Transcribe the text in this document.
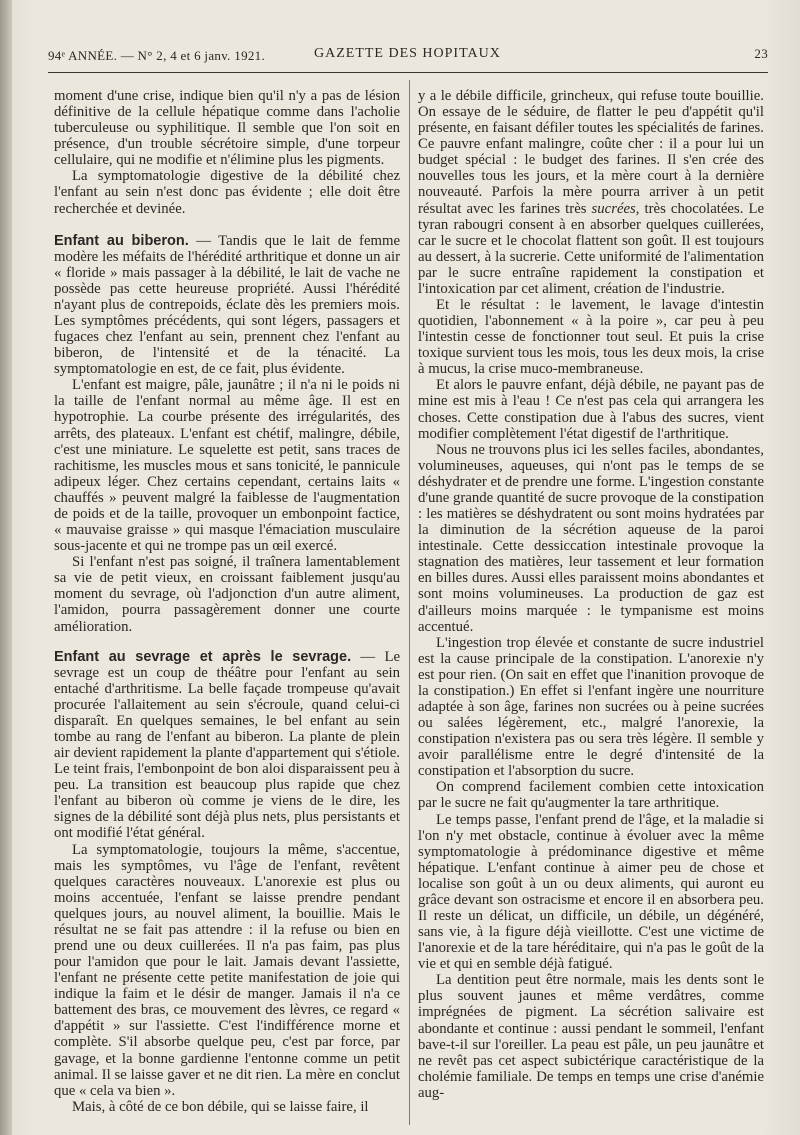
94ᵉ ANNÉE. — N° 2, 4 et 6 janv. 1921.	GAZETTE DES HOPITAUX	23

moment d'une crise, indique bien qu'il n'y a pas de lésion définitive de la cellule hépatique comme dans l'acholie tuberculeuse ou syphilitique. Il semble que l'on soit en présence, d'un trouble sécrétoire simple, d'une torpeur cellulaire, qui ne modifie et n'élimine plus les pigments.

La symptomatologie digestive de la débilité chez l'enfant au sein n'est donc pas évidente ; elle doit être recherchée et devinée.

Enfant au biberon. — Tandis que le lait de femme modère les méfaits de l'hérédité arthritique et donne un air « floride » mais passager à la débilité, le lait de vache ne possède pas cette heureuse propriété. Aussi l'hérédité n'ayant plus de contrepoids, éclate dès les premiers mois. Les symptômes précédents, qui sont légers, passagers et fugaces chez l'enfant au sein, prennent chez l'enfant au biberon, de l'intensité et de la ténacité. La symptomatologie en est, de ce fait, plus évidente.

L'enfant est maigre, pâle, jaunâtre ; il n'a ni le poids ni la taille de l'enfant normal au même âge. Il est en hypotrophie. La courbe présente des irrégularités, des arrêts, des plateaux. L'enfant est chétif, malingre, débile, c'est une miniature. Le squelette est petit, sans traces de rachitisme, les muscles mous et sans tonicité, le pannicule adipeux léger. Chez certains cependant, certains laits « chauffés » peuvent malgré la faiblesse de l'augmentation de poids et de la taille, provoquer un embonpoint factice, « mauvaise graisse » qui masque l'émaciation musculaire sous-jacente et qui ne trompe pas un œil exercé.

Si l'enfant n'est pas soigné, il traînera lamentablement sa vie de petit vieux, en croissant faiblement jusqu'au moment du sevrage, où l'adjonction d'un autre aliment, l'amidon, pourra passagèrement donner une courte amélioration.

Enfant au sevrage et après le sevrage. — Le sevrage est un coup de théâtre pour l'enfant au sein entaché d'arthritisme. La belle façade trompeuse qu'avait procurée l'allaitement au sein s'écroule, quand celui-ci disparaît. En quelques semaines, le bel enfant au sein tombe au rang de l'enfant au biberon. La plante de plein air devient rapidement la plante d'appartement qui s'étiole. Le teint frais, l'embonpoint de bon aloi disparaissent peu à peu. La transition est beaucoup plus rapide que chez l'enfant au biberon où comme je viens de le dire, les signes de la débilité sont déjà plus nets, plus persistants et ont modifié l'état général.

La symptomatologie, toujours la même, s'accentue, mais les symptômes, vu l'âge de l'enfant, revêtent quelques caractères nouveaux. L'anorexie est plus ou moins accentuée, l'enfant se laisse prendre pendant quelques jours, au nouvel aliment, la bouillie. Mais le résultat ne se fait pas attendre : il la refuse ou bien en prend une ou deux cuillerées. Il n'a pas faim, pas plus pour l'amidon que pour le lait. Jamais devant l'assiette, l'enfant ne présente cette petite manifestation de joie qui indique la faim et le désir de manger. Jamais il n'a ce battement des bras, ce mouvement des lèvres, ce regard « d'appétit » sur l'assiette. C'est l'indifférence morne et complète. S'il absorbe quelque peu, c'est par force, par gavage, et la bonne gardienne l'entonne comme un petit animal. Il se laisse gaver et ne dit rien. La mère en conclut que « cela va bien ».

Mais, à côté de ce bon débile, qui se laisse faire, il

y a le débile difficile, grincheux, qui refuse toute bouillie. On essaye de le séduire, de flatter le peu d'appétit qu'il présente, en faisant défiler toutes les spécialités de farines. Ce pauvre enfant malingre, coûte cher : il a pour lui un budget spécial : le budget des farines. Il s'en crée des nouvelles tous les jours, et la mère court à la dernière nouveauté. Parfois la mère pourra arriver à un petit résultat avec les farines très sucrées, très chocolatées. Le tyran rabougri consent à en absorber quelques cuillerées, car le sucre et le chocolat flattent son goût. Il est toujours au dessert, à la sucrerie. Cette uniformité de l'alimentation par le sucre entraîne rapidement la constipation et l'intoxication par cet aliment, création de l'industrie.

Et le résultat : le lavement, le lavage d'intestin quotidien, l'abonnement « à la poire », car peu à peu l'intestin cesse de fonctionner tout seul. Et puis la crise toxique survient tous les mois, tous les deux mois, la crise à mucus, la crise muco-membraneuse.

Et alors le pauvre enfant, déjà débile, ne payant pas de mine est mis à l'eau ! Ce n'est pas cela qui arrangera les choses. Cette constipation due à l'abus des sucres, vient modifier complètement l'état digestif de l'arthritique.

Nous ne trouvons plus ici les selles faciles, abondantes, volumineuses, aqueuses, qui n'ont pas le temps de se déshydrater et de prendre une forme. L'ingestion constante d'une grande quantité de sucre provoque de la constipation : les matières se déshydratent ou sont moins hydratées par la diminution de la sécrétion aqueuse de la paroi intestinale. Cette dessiccation intestinale provoque la stagnation des matières, leur tassement et leur formation en billes dures. Aussi elles paraissent moins abondantes et sont moins volumineuses. La production de gaz est d'ailleurs moins marquée : le tympanisme est moins accentué.

L'ingestion trop élevée et constante de sucre industriel est la cause principale de la constipation. L'anorexie n'y est pour rien. (On sait en effet que l'inanition provoque de la constipation.) En effet si l'enfant ingère une nourriture adaptée à son âge, farines non sucrées ou à peine sucrées ou salées légèrement, etc., malgré l'anorexie, la constipation n'existera pas ou sera très légère. Il semble y avoir parallélisme entre le degré d'intensité de la constipation et l'absorption du sucre.

On comprend facilement combien cette intoxication par le sucre ne fait qu'augmenter la tare arthritique.

Le temps passe, l'enfant prend de l'âge, et la maladie si l'on n'y met obstacle, continue à évoluer avec la même symptomatologie à prédominance digestive et même hépatique. L'enfant continue à aimer peu de chose et localise son goût à un ou deux aliments, qui auront eu grâce devant son ostracisme et encore il en absorbera peu. Il reste un délicat, un difficile, un débile, un dégénéré, sans vie, à la figure déjà vieillotte. C'est une victime de l'anorexie et de la tare héréditaire, qui n'a pas le goût de la vie et qui en semble déjà fatigué.

La dentition peut être normale, mais les dents sont le plus souvent jaunes et même verdâtres, comme imprégnées de pigment. La sécrétion salivaire est abondante et continue : aussi pendant le sommeil, l'enfant bave-t-il sur l'oreiller. La peau est pâle, un peu jaunâtre et ne revêt pas cet aspect subictérique caractéristique de la cholémie familiale. De temps en temps une crise d'anémie aug-
